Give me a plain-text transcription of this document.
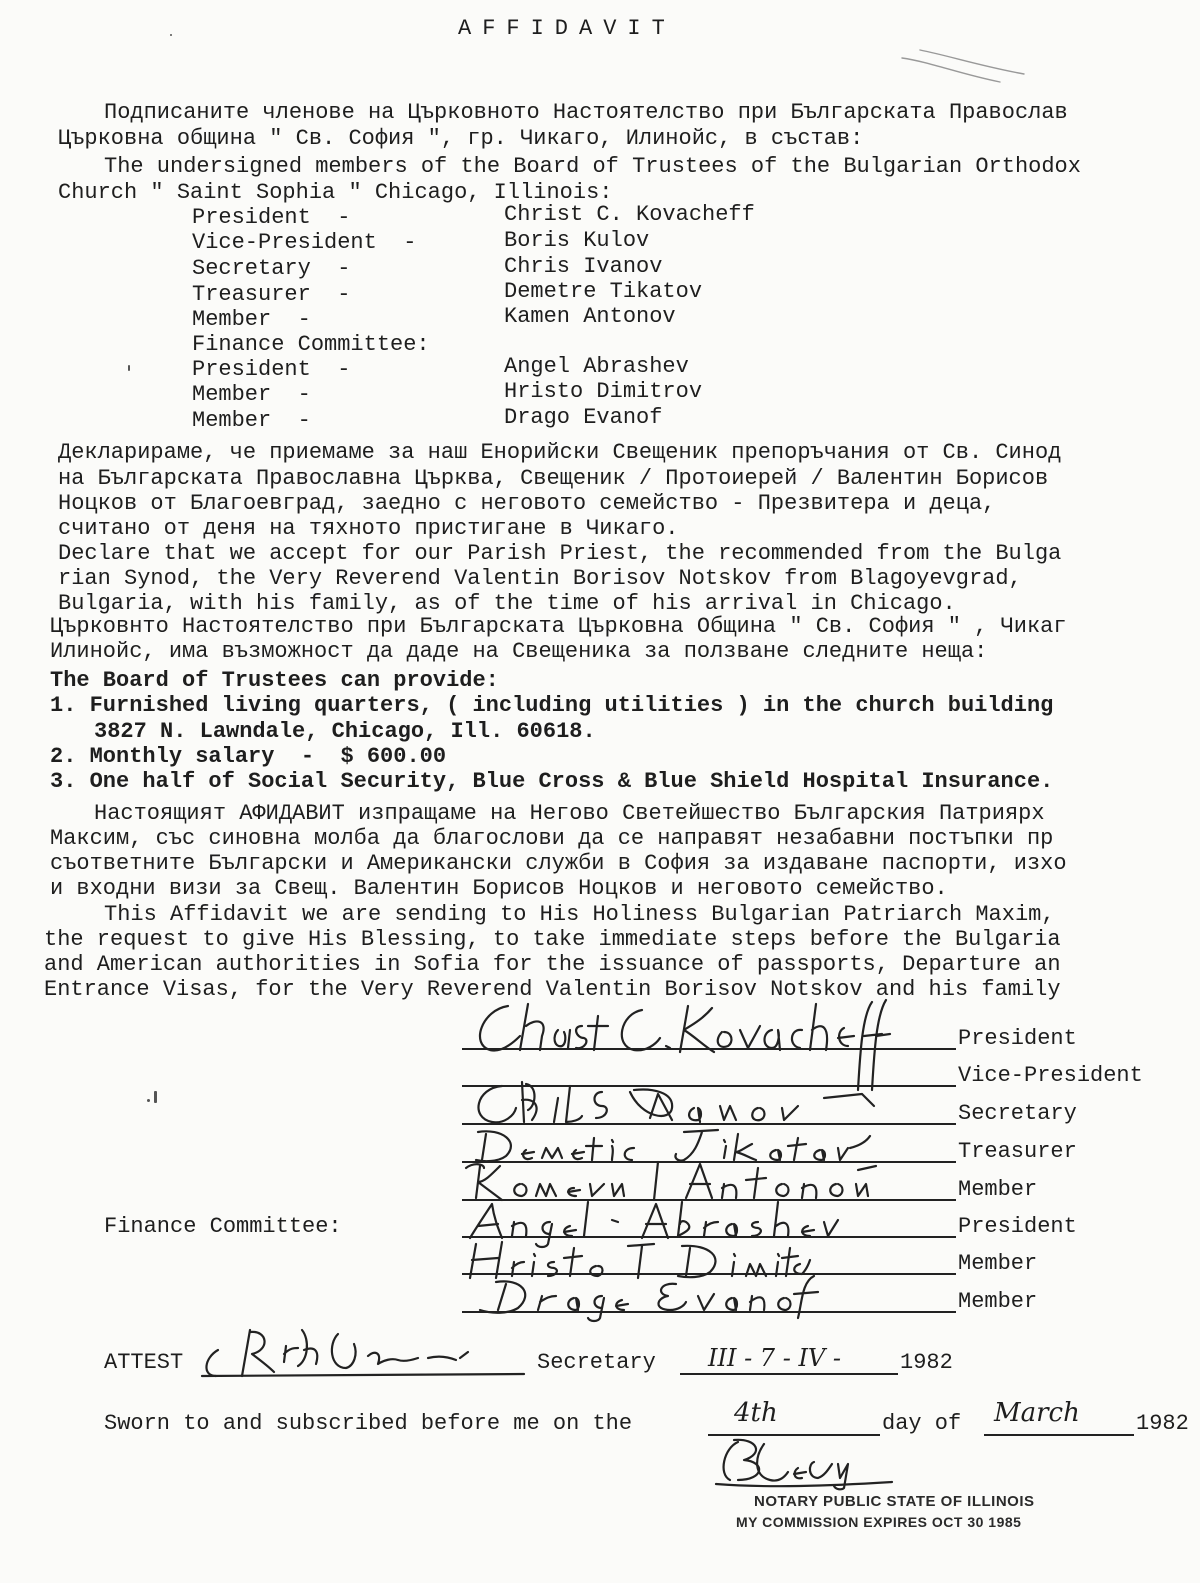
AFFIDAVIT
Подписаните членове на Църковното Настоятелство при Българската Православ
Църковна община " Св. София ", гр. Чикаго, Илинойс, в състав:
The undersigned members of the Board of Trustees of the Bulgarian Orthodox
Church " Saint Sophia " Chicago, Illinois:
President  -	Christ C. Kovacheff
Vice-President  -	Boris Kulov
Secretary  -	Chris Ivanov
Treasurer  -	Demetre Tikatov
Member  -	Kamen Antonov
Finance Committee:
President  -	Angel Abrashev
Member  -	Hristo Dimitrov
Member  -	Drago Evanof
Декларираме, че приемаме за наш Енорийски Свещеник препоръчания от Св. Синод
на Българската Православна Църква, Свещеник / Протоиерей / Валентин Борисов
Ноцков от Благоевград, заедно с неговото семейство - Презвитера и деца,
считано от деня на тяхното пристигане в Чикаго.
Declare that we accept for our Parish Priest, the recommended from the Bulga
rian Synod, the Very Reverend Valentin Borisov Notskov from Blagoyevgrad,
Bulgaria, with his family, as of the time of his arrival in Chicago.
Църковнто Настоятелство при Българската Църковна Община " Св. София " , Чикаг
Илинойс, има възможност да даде на Свещеника за ползване следните неща:
The Board of Trustees can provide:
1. Furnished living quarters, ( including utilities ) in the church building
3827 N. Lawndale, Chicago, Ill. 60618.
2. Monthly salary  -  $ 600.00
3. One half of Social Security, Blue Cross & Blue Shield Hospital Insurance.
Настоящият АФИДАВИТ изпращаме на Негово Светейшество Българския Патриярх
Максим, със синовна молба да благослови да се направят незабавни постъпки пр
съответните Български и Американски служби в София за издаване паспорти, изхо
и входни визи за Свещ. Валентин Борисов Ноцков и неговото семейство.
This Affidavit we are sending to His Holiness Bulgarian Patriarch Maxim,
the request to give His Blessing, to take immediate steps before the Bulgaria
and American authorities in Sofia for the issuance of passports, Departure an
Entrance Visas, for the Very Reverend Valentin Borisov Notskov and his family
President
Vice-President
Secretary
Treasurer
Member
Finance Committee:	President
Member
Member
ATTEST	Secretary III - 7 - IV -	1982
Sworn to and subscribed before me on the	4th	day of March	1982
NOTARY PUBLIC STATE OF ILLINOIS
MY COMMISSION EXPIRES OCT 30 1985
